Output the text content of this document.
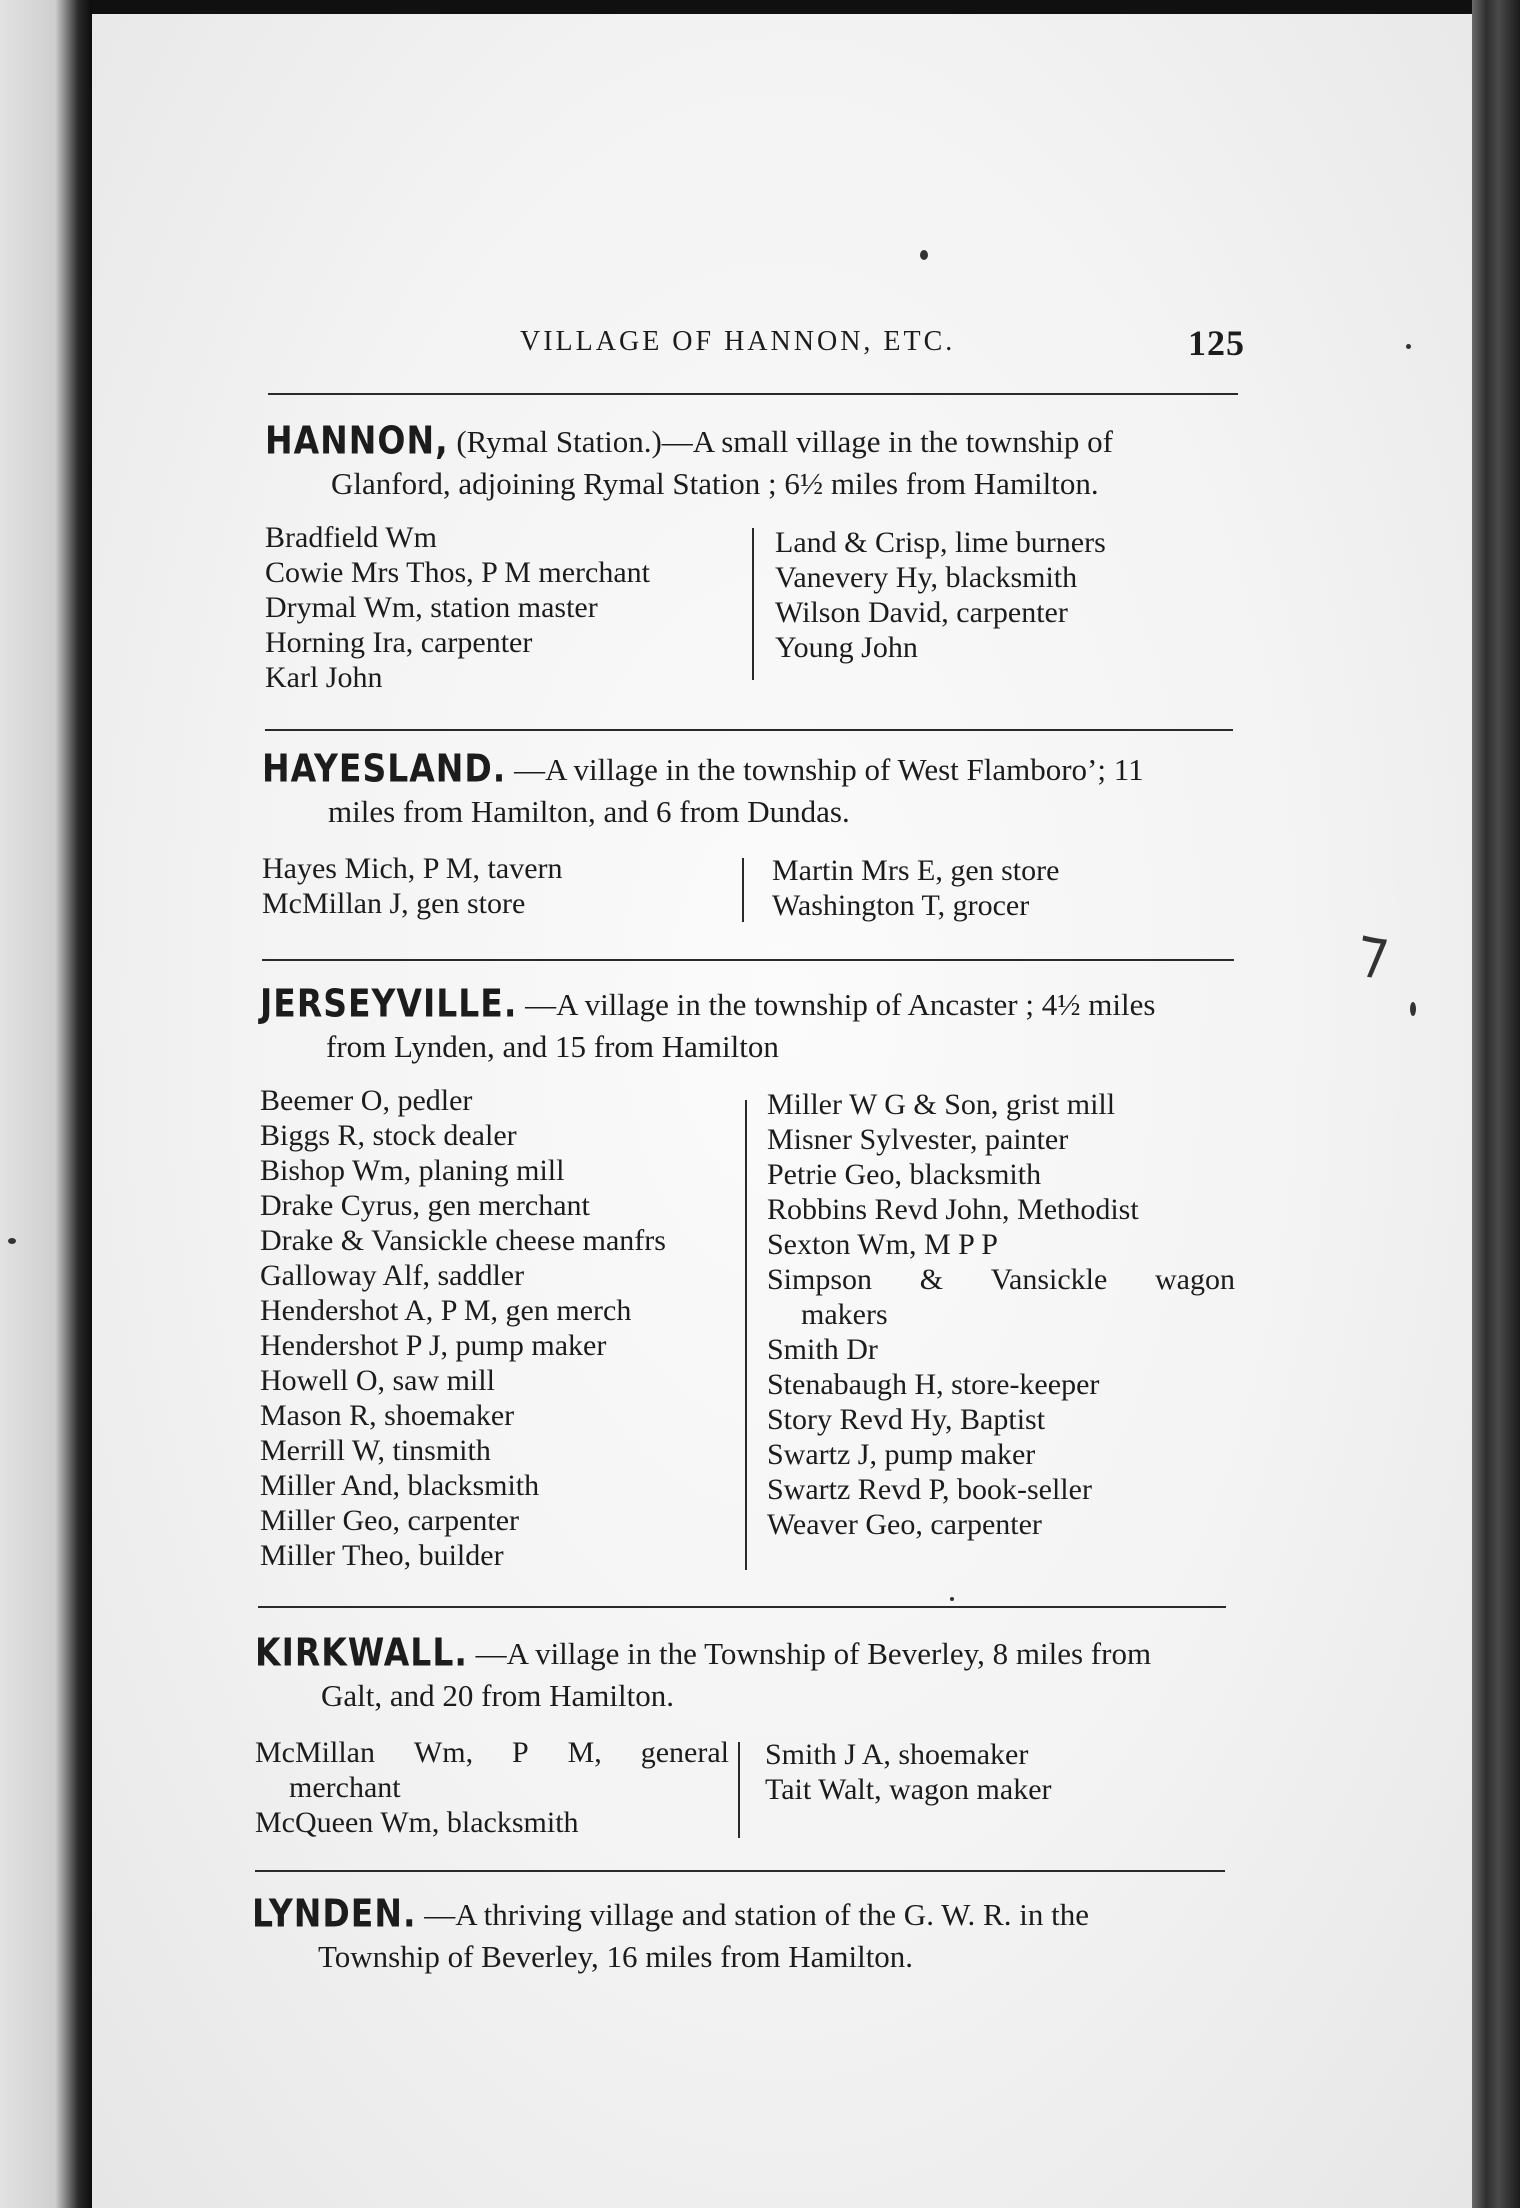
VILLAGE OF HANNON, ETC.	125
HANNON, (Rymal Station.)—A small village in the township of
Glanford, adjoining Rymal Station ; 6½ miles from Hamilton.
Bradfield Wm
Cowie Mrs Thos, P M merchant
Drymal Wm, station master
Horning Ira, carpenter
Karl John
Land & Crisp, lime burners
Vanevery Hy, blacksmith
Wilson David, carpenter
Young John
HAYESLAND. —A village in the township of West Flamboro’; 11
miles from Hamilton, and 6 from Dundas.
Hayes Mich, P M, tavern
McMillan J, gen store
Martin Mrs E, gen store
Washington T, grocer
JERSEYVILLE. —A village in the township of Ancaster ; 4½ miles
from Lynden, and 15 from Hamilton
Beemer O, pedler
Biggs R, stock dealer
Bishop Wm, planing mill
Drake Cyrus, gen merchant
Drake & Vansickle cheese manfrs
Galloway Alf, saddler
Hendershot A, P M, gen merch
Hendershot P J, pump maker
Howell O, saw mill
Mason R, shoemaker
Merrill W, tinsmith
Miller And, blacksmith
Miller Geo, carpenter
Miller Theo, builder
Miller W G & Son, grist mill
Misner Sylvester, painter
Petrie Geo, blacksmith
Robbins Revd John, Methodist
Sexton Wm, M P P
Simpson & Vansickle wagon
makers
Smith Dr
Stenabaugh H, store-keeper
Story Revd Hy, Baptist
Swartz J, pump maker
Swartz Revd P, book-seller
Weaver Geo, carpenter
KIRKWALL. —A village in the Township of Beverley, 8 miles from
Galt, and 20 from Hamilton.
McMillan Wm, P M, general
merchant
McQueen Wm, blacksmith
Smith J A, shoemaker
Tait Walt, wagon maker
LYNDEN. —A thriving village and station of the G. W. R. in the
Township of Beverley, 16 miles from Hamilton.
⁊
